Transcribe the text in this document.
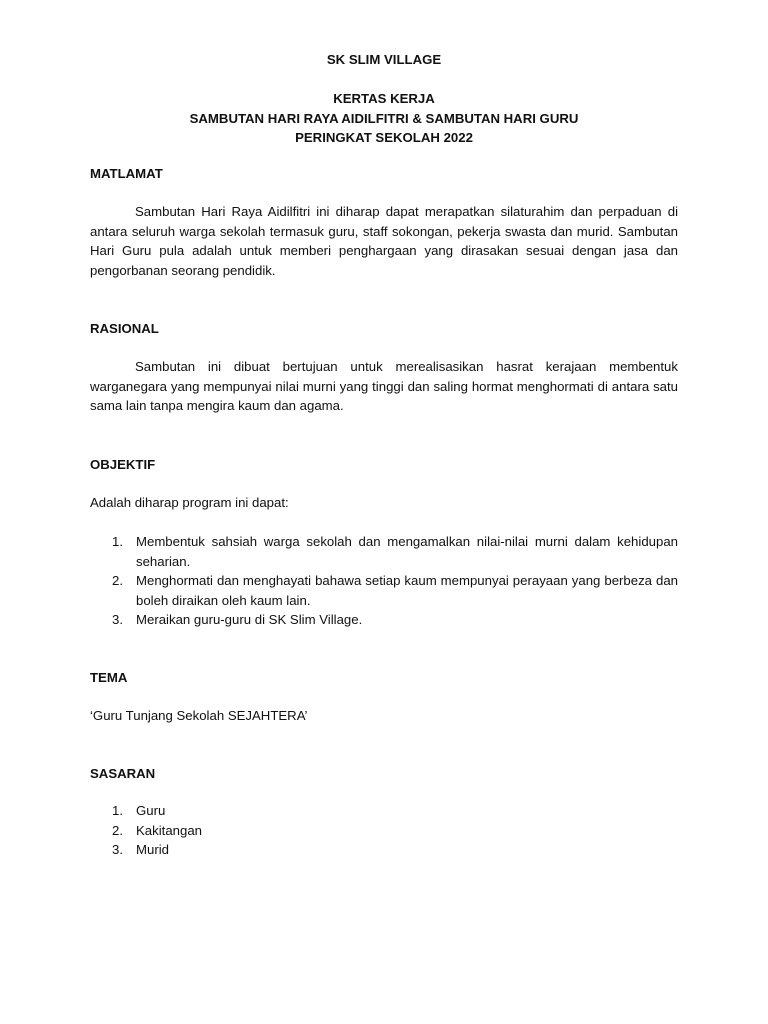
SK SLIM VILLAGE
KERTAS KERJA
SAMBUTAN HARI RAYA AIDILFITRI & SAMBUTAN HARI GURU
PERINGKAT SEKOLAH 2022
MATLAMAT

Sambutan Hari Raya Aidilfitri ini diharap dapat merapatkan silaturahim dan perpaduan di antara seluruh warga sekolah termasuk guru, staff sokongan, pekerja swasta dan murid. Sambutan Hari Guru pula adalah untuk memberi penghargaan yang dirasakan sesuai dengan jasa dan pengorbanan seorang pendidik.

RASIONAL

Sambutan ini dibuat bertujuan untuk merealisasikan hasrat kerajaan membentuk warganegara yang mempunyai nilai murni yang tinggi dan saling hormat menghormati di antara satu sama lain tanpa mengira kaum dan agama.

OBJEKTIF

Adalah diharap program ini dapat:

1. Membentuk sahsiah warga sekolah dan mengamalkan nilai-nilai murni dalam kehidupan seharian.
2. Menghormati dan menghayati bahawa setiap kaum mempunyai perayaan yang berbeza dan boleh diraikan oleh kaum lain.
3. Meraikan guru-guru di SK Slim Village.
TEMA

‘Guru Tunjang Sekolah SEJAHTERA’

SASARAN
1. Guru
2. Kakitangan
3. Murid
